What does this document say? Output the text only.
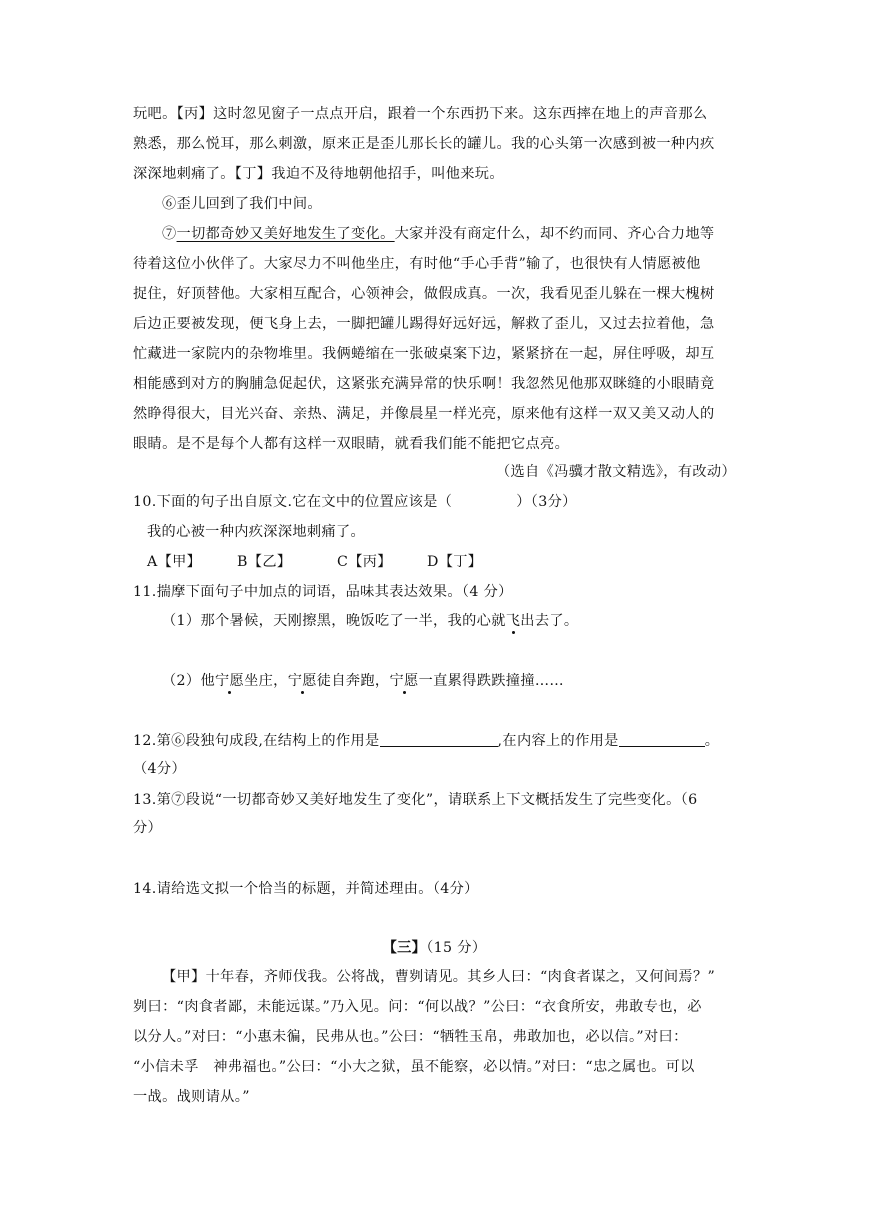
玩吧。【丙】这时忽见窗子一点点开启，跟着一个东西扔下来。这东西摔在地上的声音那么
熟悉，那么悦耳，那么刺激，原来正是歪儿那长长的罐儿。我的心头第一次感到被一种内疚
深深地刺痛了。【丁】我迫不及待地朝他招手，叫他来玩。
⑥歪儿回到了我们中间。
⑦一切都奇妙又美好地发生了变化。大家并没有商定什么，却不约而同、齐心合力地等
待着这位小伙伴了。大家尽力不叫他坐庄，有时他“手心手背”输了，也很快有人情愿被他
捉住，好顶替他。大家相互配合，心领神会，做假成真。一次，我看见歪儿躲在一棵大槐树
后边正要被发现，便飞身上去，一脚把罐儿踢得好远好远，解救了歪儿，又过去拉着他，急
忙藏进一家院内的杂物堆里。我俩蜷缩在一张破桌案下边，紧紧挤在一起，屏住呼吸，却互
相能感到对方的胸脯急促起伏，这紧张充满异常的快乐啊！我忽然见他那双眯缝的小眼睛竟
然睁得很大，目光兴奋、亲热、满足，并像晨星一样光亮，原来他有这样一双又美又动人的
眼睛。是不是每个人都有这样一双眼睛，就看我们能不能把它点亮。
（选自《冯骥才散文精选》，有改动）
10.下面的句子出自原文.它在文中的位置应该是（	）（3分）
我的心被一种内疚深深地刺痛了。
A【甲】	B【乙】	C【丙】 D【丁】
11.揣摩下面句子中加点的词语，品味其表达效果。（4 分）
（1）那个暑候，天刚擦黑，晚饭吃了一半，我的心就飞出去了。
（2）他宁愿坐庄，宁愿徒自奔跑，宁愿一直累得跌跌撞撞……
12.第⑥段独句成段,在结构上的作用是	,在内容上的作用是	。
（4分）
13.第⑦段说“一切都奇妙又美好地发生了变化”，请联系上下文概括发生了完些变化。（6
分）
14.请给选文拟一个恰当的标题，并简述理由。（4分）
【三】（15 分）
【甲】十年春，齐师伐我。公将战，曹刿请见。其乡人曰：“肉食者谋之，又何间焉？”
刿曰：“肉食者鄙，未能远谋。”乃入见。问：“何以战？”公曰：“衣食所安，弗敢专也，必
以分人。”对曰：“小惠未徧，民弗从也。”公曰：“牺牲玉帛，弗敢加也，必以信。”对曰：
“小信未孚　神弗福也。”公曰：“小大之狱，虽不能察，必以情。”对曰：“忠之属也。可以
一战。战则请从。”
